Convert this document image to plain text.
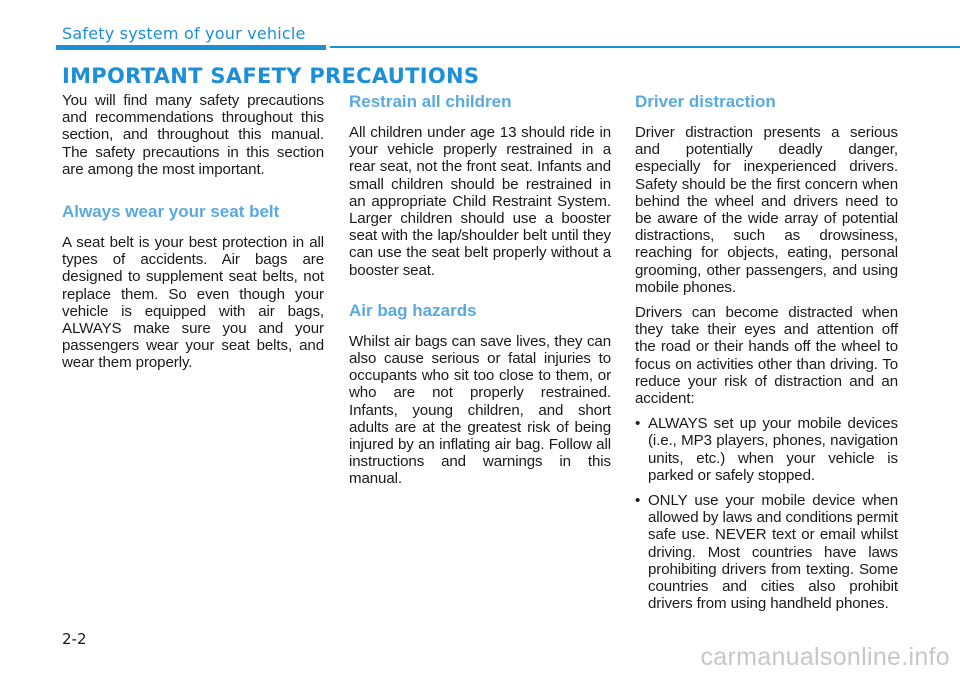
Safety system of your vehicle
IMPORTANT SAFETY PRECAUTIONS

You will find many safety precautions and recommendations throughout this section, and throughout this manual. The safety precautions in this section are among the most important.

Always wear your seat belt

A seat belt is your best protection in all types of accidents. Air bags are designed to supplement seat belts, not replace them. So even though your vehicle is equipped with air bags, ALWAYS make sure you and your passengers wear your seat belts, and wear them properly.

Restrain all children

All children under age 13 should ride in your vehicle properly restrained in a rear seat, not the front seat. Infants and small children should be restrained in an appropriate Child Restraint System. Larger children should use a booster seat with the lap/shoulder belt until they can use the seat belt properly without a booster seat.

Air bag hazards

Whilst air bags can save lives, they can also cause serious or fatal injuries to occupants who sit too close to them, or who are not properly restrained. Infants, young children, and short adults are at the greatest risk of being injured by an inflating air bag. Follow all instructions and warnings in this manual.

Driver distraction

Driver distraction presents a serious and potentially deadly danger, especially for inexperienced drivers. Safety should be the first concern when behind the wheel and drivers need to be aware of the wide array of potential distractions, such as drowsiness, reaching for objects, eating, personal grooming, other passengers, and using mobile phones.

Drivers can become distracted when they take their eyes and attention off the road or their hands off the wheel to focus on activities other than driving. To reduce your risk of distraction and an accident:

• ALWAYS set up your mobile devices (i.e., MP3 players, phones, navigation units, etc.) when your vehicle is parked or safely stopped.
• ONLY use your mobile device when allowed by laws and conditions permit safe use. NEVER text or email whilst driving. Most countries have laws prohibiting drivers from texting. Some countries and cities also prohibit drivers from using handheld phones.
2-2
carmanualsonline.info
